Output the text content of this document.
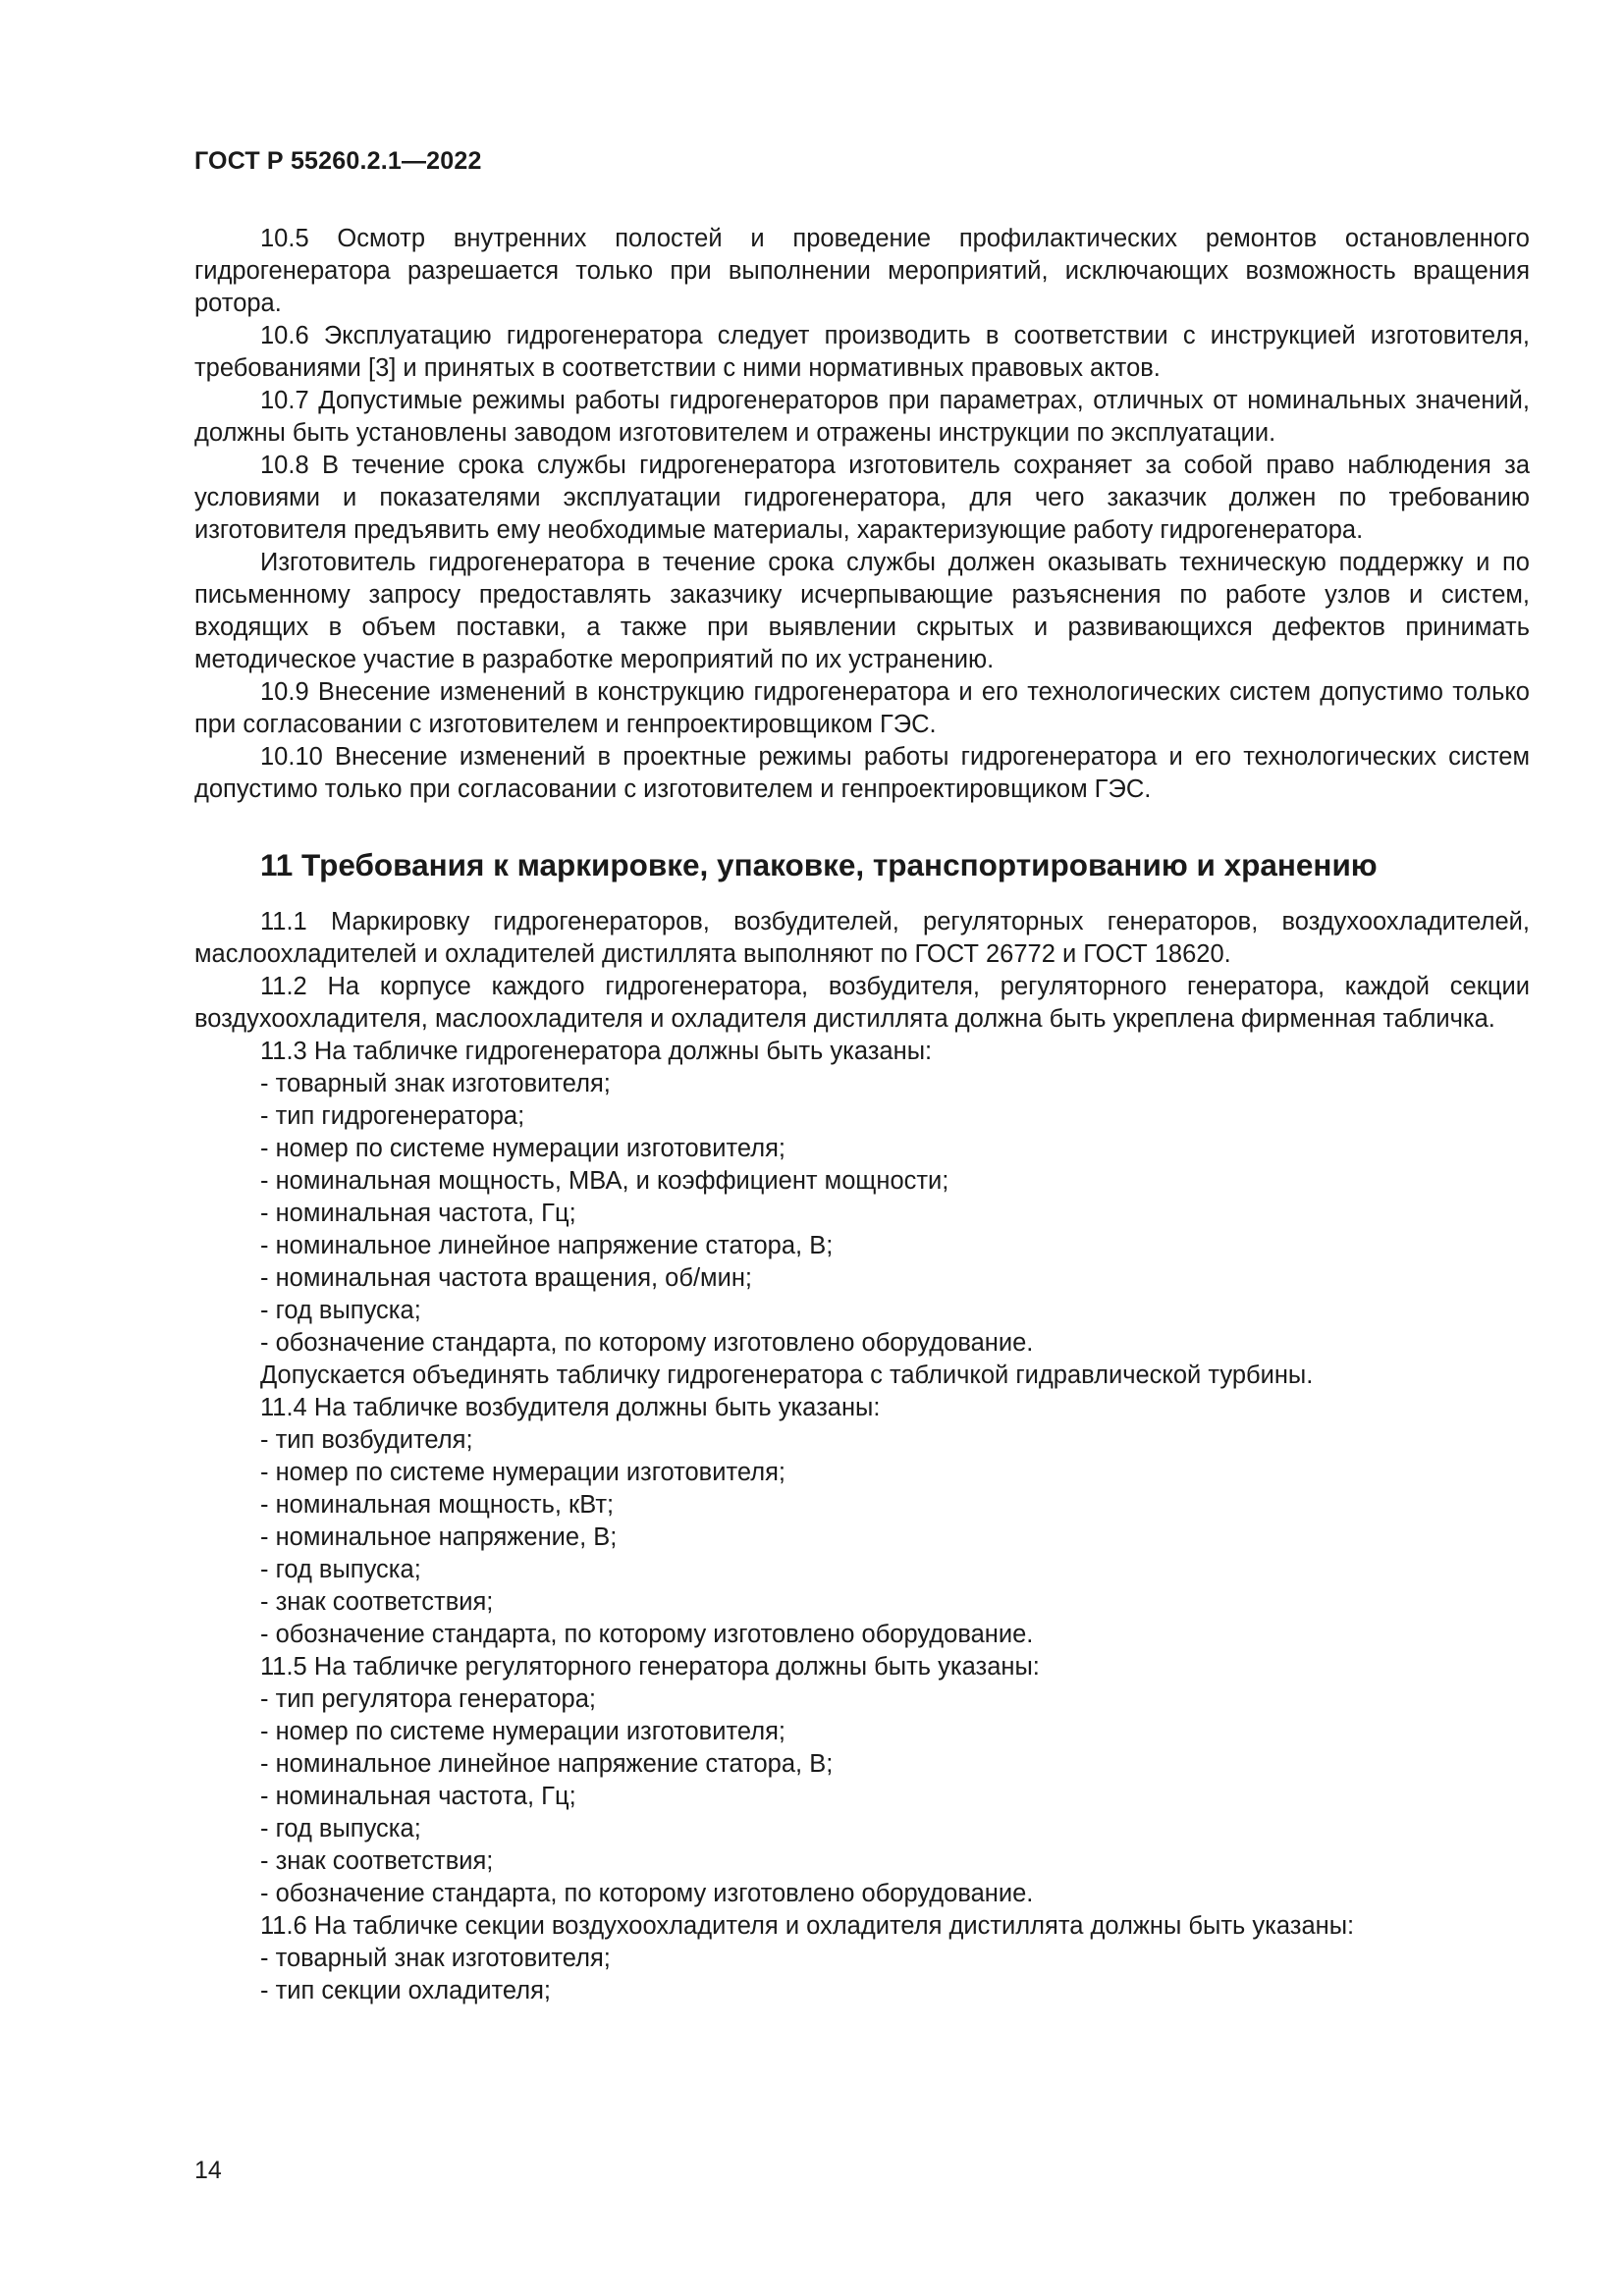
ГОСТ Р 55260.2.1—2022

10.5 Осмотр внутренних полостей и проведение профилактических ремонтов остановленного гидрогенератора разрешается только при выполнении мероприятий, исключающих возможность вращения ротора.

10.6 Эксплуатацию гидрогенератора следует производить в соответствии с инструкцией изготовителя, требованиями [3] и принятых в соответствии с ними нормативных правовых актов.

10.7 Допустимые режимы работы гидрогенераторов при параметрах, отличных от номинальных значений, должны быть установлены заводом изготовителем и отражены инструкции по эксплуатации.

10.8 В течение срока службы гидрогенератора изготовитель сохраняет за собой право наблюдения за условиями и показателями эксплуатации гидрогенератора, для чего заказчик должен по требованию изготовителя предъявить ему необходимые материалы, характеризующие работу гидрогенератора.

Изготовитель гидрогенератора в течение срока службы должен оказывать техническую поддержку и по письменному запросу предоставлять заказчику исчерпывающие разъяснения по работе узлов и систем, входящих в объем поставки, а также при выявлении скрытых и развивающихся дефектов принимать методическое участие в разработке мероприятий по их устранению.

10.9 Внесение изменений в конструкцию гидрогенератора и его технологических систем допустимо только при согласовании с изготовителем и генпроектировщиком ГЭС.

10.10 Внесение изменений в проектные режимы работы гидрогенератора и его технологических систем допустимо только при согласовании с изготовителем и генпроектировщиком ГЭС.

11 Требования к маркировке, упаковке, транспортированию и хранению

11.1 Маркировку гидрогенераторов, возбудителей, регуляторных генераторов, воздухоохладителей, маслоохладителей и охладителей дистиллята выполняют по ГОСТ 26772 и ГОСТ 18620.

11.2 На корпусе каждого гидрогенератора, возбудителя, регуляторного генератора, каждой секции воздухоохладителя, маслоохладителя и охладителя дистиллята должна быть укреплена фирменная табличка.

11.3 На табличке гидрогенератора должны быть указаны:

- товарный знак изготовителя;

- тип гидрогенератора;

- номер по системе нумерации изготовителя;

- номинальная мощность, МВА, и коэффициент мощности;

- номинальная частота, Гц;

- номинальное линейное напряжение статора, В;

- номинальная частота вращения, об/мин;

- год выпуска;

- обозначение стандарта, по которому изготовлено оборудование.

Допускается объединять табличку гидрогенератора с табличкой гидравлической турбины.

11.4 На табличке возбудителя должны быть указаны:

- тип возбудителя;

- номер по системе нумерации изготовителя;

- номинальная мощность, кВт;

- номинальное напряжение, В;

- год выпуска;

- знак соответствия;

- обозначение стандарта, по которому изготовлено оборудование.

11.5 На табличке регуляторного генератора должны быть указаны:

- тип регулятора генератора;

- номер по системе нумерации изготовителя;

- номинальное линейное напряжение статора, В;

- номинальная частота, Гц;

- год выпуска;

- знак соответствия;

- обозначение стандарта, по которому изготовлено оборудование.

11.6 На табличке секции воздухоохладителя и охладителя дистиллята должны быть указаны:

- товарный знак изготовителя;

- тип секции охладителя;

14
